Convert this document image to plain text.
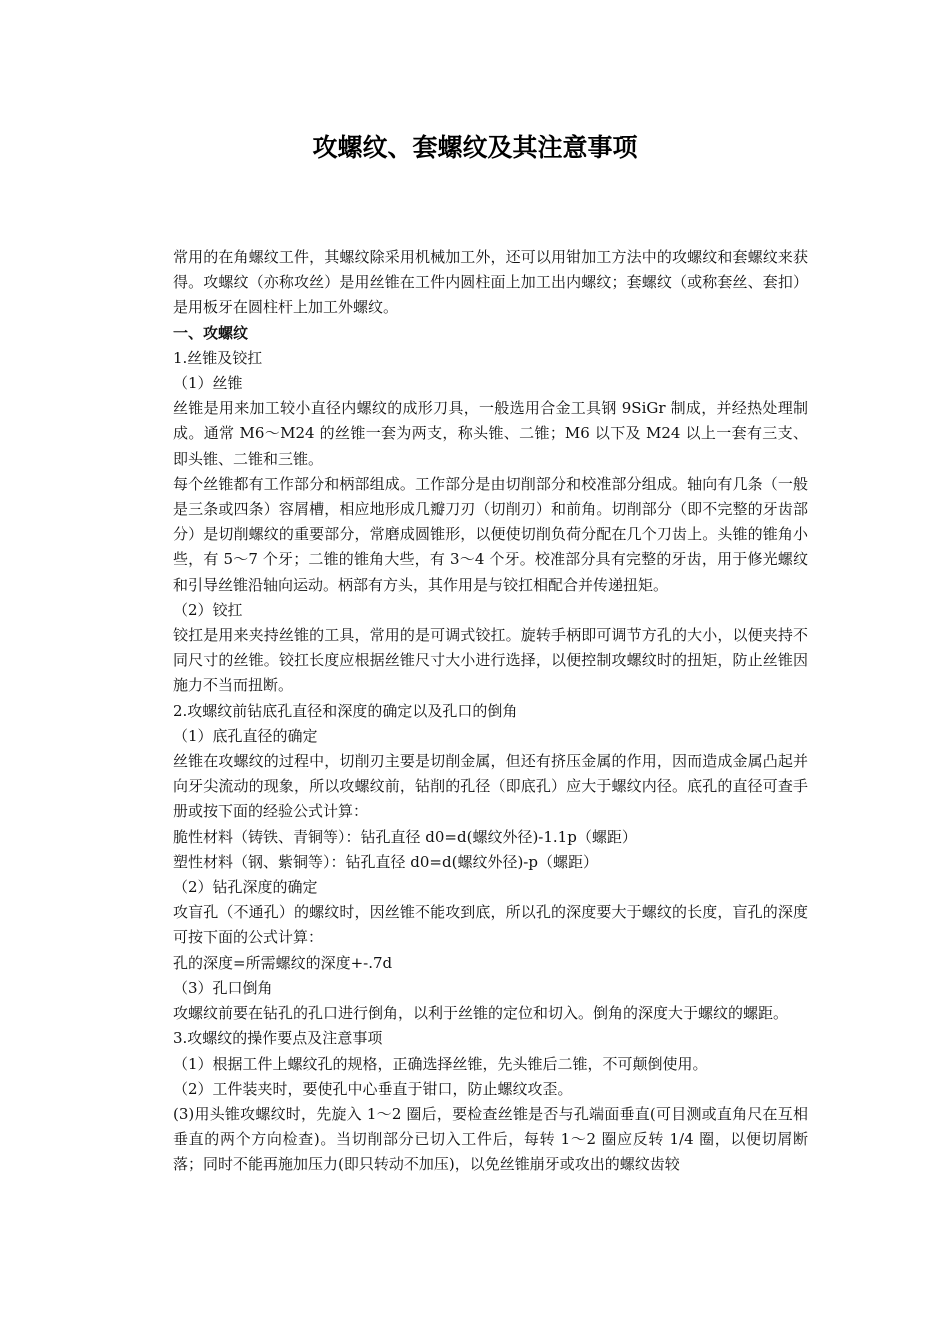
攻螺纹、套螺纹及其注意事项

常用的在角螺纹工件，其螺纹除采用机械加工外，还可以用钳加工方法中的攻螺纹和套螺纹来获得。攻螺纹（亦称攻丝）是用丝锥在工件内圆柱面上加工出内螺纹；套螺纹（或称套丝、套扣）是用板牙在圆柱杆上加工外螺纹。

一、攻螺纹

1.丝锥及铰扛

（1）丝锥

丝锥是用来加工较小直径内螺纹的成形刀具，一般选用合金工具钢 9SiGr 制成，并经热处理制成。通常 M6～M24 的丝锥一套为两支，称头锥、二锥；M6 以下及 M24 以上一套有三支、即头锥、二锥和三锥。

每个丝锥都有工作部分和柄部组成。工作部分是由切削部分和校准部分组成。轴向有几条（一般是三条或四条）容屑槽，相应地形成几瓣刀刃（切削刃）和前角。切削部分（即不完整的牙齿部分）是切削螺纹的重要部分，常磨成圆锥形，以便使切削负荷分配在几个刀齿上。头锥的锥角小些，有 5～7 个牙；二锥的锥角大些，有 3～4 个牙。校准部分具有完整的牙齿，用于修光螺纹和引导丝锥沿轴向运动。柄部有方头，其作用是与铰扛相配合并传递扭矩。

（2）铰扛

铰扛是用来夹持丝锥的工具，常用的是可调式铰扛。旋转手柄即可调节方孔的大小，以便夹持不同尺寸的丝锥。铰扛长度应根据丝锥尺寸大小进行选择，以便控制攻螺纹时的扭矩，防止丝锥因施力不当而扭断。

2.攻螺纹前钻底孔直径和深度的确定以及孔口的倒角

（1）底孔直径的确定

丝锥在攻螺纹的过程中，切削刃主要是切削金属，但还有挤压金属的作用，因而造成金属凸起并向牙尖流动的现象，所以攻螺纹前，钻削的孔径（即底孔）应大于螺纹内径。底孔的直径可查手册或按下面的经验公式计算：

脆性材料（铸铁、青铜等）：钻孔直径 d0=d(螺纹外径)-1.1p（螺距）

塑性材料（钢、紫铜等）：钻孔直径 d0=d(螺纹外径)-p（螺距）

（2）钻孔深度的确定

攻盲孔（不通孔）的螺纹时，因丝锥不能攻到底，所以孔的深度要大于螺纹的长度，盲孔的深度可按下面的公式计算：

孔的深度=所需螺纹的深度+-.7d

（3）孔口倒角

攻螺纹前要在钻孔的孔口进行倒角，以利于丝锥的定位和切入。倒角的深度大于螺纹的螺距。

3.攻螺纹的操作要点及注意事项

（1）根据工件上螺纹孔的规格，正确选择丝锥，先头锥后二锥，不可颠倒使用。

（2）工件装夹时，要使孔中心垂直于钳口，防止螺纹攻歪。

(3)用头锥攻螺纹时，先旋入 1～2 圈后，要检查丝锥是否与孔端面垂直(可目测或直角尺在互相垂直的两个方向检查)。当切削部分已切入工件后，每转 1～2 圈应反转 1/4 圈，以便切屑断落；同时不能再施加压力(即只转动不加压)，以免丝锥崩牙或攻出的螺纹齿较
